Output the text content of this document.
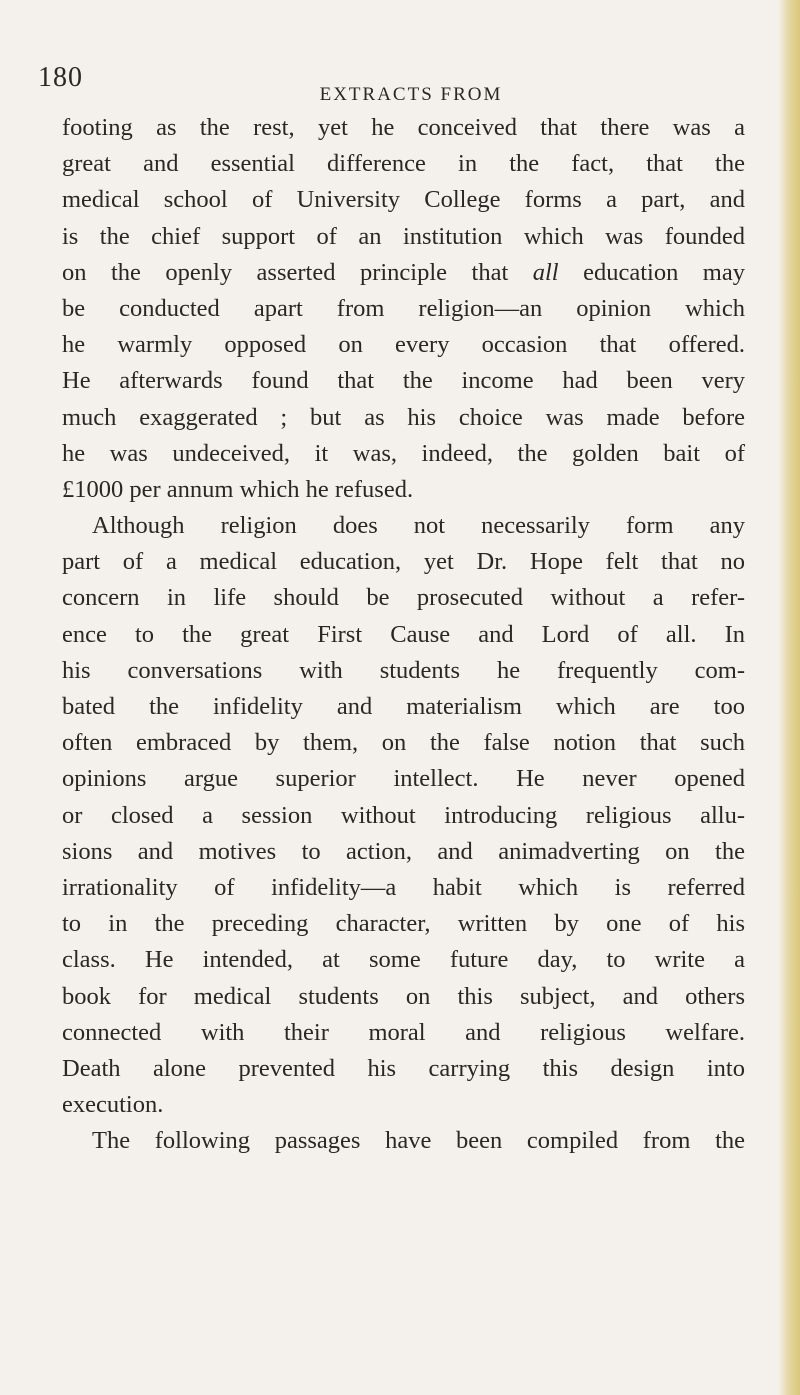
180
EXTRACTS FROM
footing as the rest, yet he conceived that there was a
great and essential difference in the fact, that the
medical school of University College forms a part, and
is the chief support of an institution which was founded
on the openly asserted principle that all education may
be conducted apart from religion—an opinion which
he warmly opposed on every occasion that offered.
He afterwards found that the income had been very
much exaggerated ; but as his choice was made before
he was undeceived, it was, indeed, the golden bait of
£1000 per annum which he refused.
Although religion does not necessarily form any
part of a medical education, yet Dr. Hope felt that no
concern in life should be prosecuted without a refer-
ence to the great First Cause and Lord of all. In
his conversations with students he frequently com-
bated the infidelity and materialism which are too
often embraced by them, on the false notion that such
opinions argue superior intellect. He never opened
or closed a session without introducing religious allu-
sions and motives to action, and animadverting on the
irrationality of infidelity—a habit which is referred
to in the preceding character, written by one of his
class. He intended, at some future day, to write a
book for medical students on this subject, and others
connected with their moral and religious welfare.
Death alone prevented his carrying this design into
execution.
The following passages have been compiled from the
